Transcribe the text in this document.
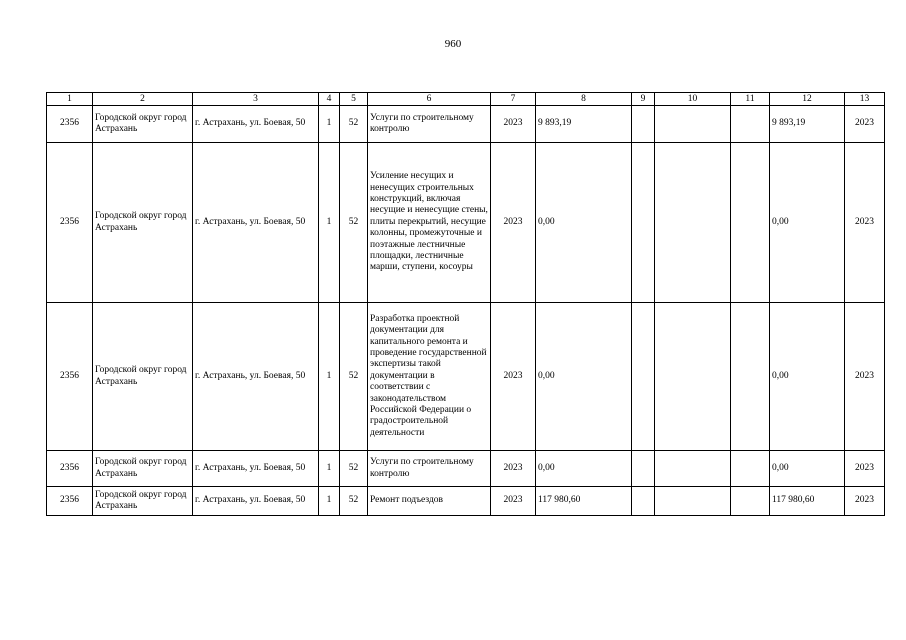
960
1	2	3	4	5	6	7	8	9	10	11	12	13
2356	Городской округ город Астрахань	г. Астрахань, ул. Боевая, 50	1	52	Услуги по строительному контролю	2023	9 893,19				9 893,19	2023
2356	Городской округ город Астрахань	г. Астрахань, ул. Боевая, 50	1	52	Усиление несущих и ненесущих строительных конструкций, включая несущие и ненесущие стены, плиты перекрытий, несущие колонны, промежуточные и поэтажные лестничные площадки, лестничные марши, ступени, косоуры	2023	0,00				0,00	2023
2356	Городской округ город Астрахань	г. Астрахань, ул. Боевая, 50	1	52	Разработка проектной документации для капитального ремонта и проведение государственной экспертизы такой документации в соответствии с законодательством Российской Федерации о градостроительной деятельности	2023	0,00				0,00	2023
2356	Городской округ город Астрахань	г. Астрахань, ул. Боевая, 50	1	52	Услуги по строительному контролю	2023	0,00				0,00	2023
2356	Городской округ город Астрахань	г. Астрахань, ул. Боевая, 50	1	52	Ремонт подъездов	2023	117 980,60				117 980,60	2023
